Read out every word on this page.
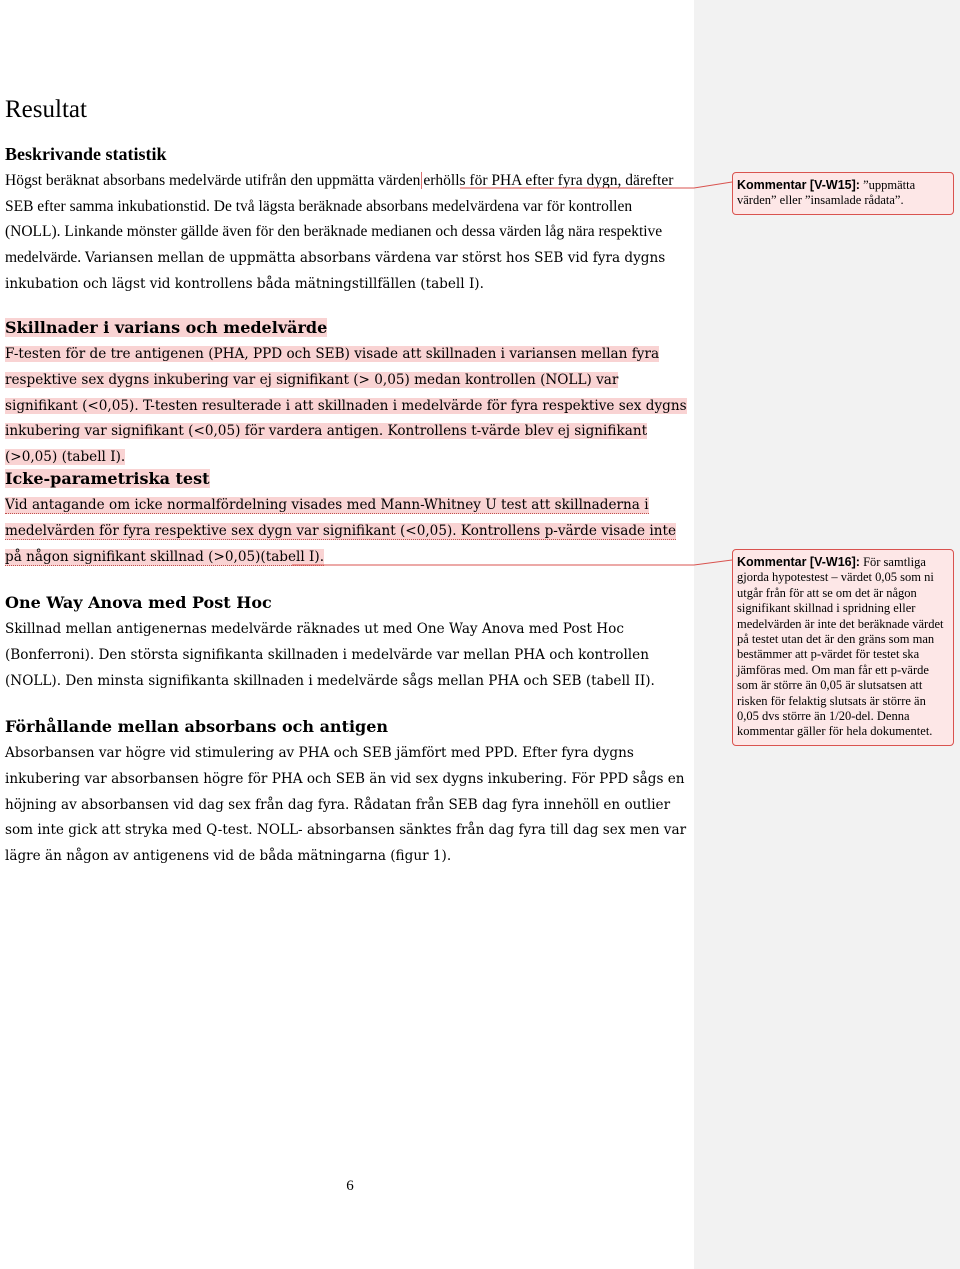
Resultat
Beskrivande statistik

Högst beräknat absorbans medelvärde utifrån den uppmätta värden erhölls för PHA efter fyra dygn, därefter SEB efter samma inkubationstid. De två lägsta beräknade absorbans medelvärdena var för kontrollen (NOLL). Linkande mönster gällde även för den beräknade medianen och dessa värden låg nära respektive medelvärde. Variansen mellan de uppmätta absorbans värdena var störst hos SEB vid fyra dygns inkubation och lägst vid kontrollens båda mätningstillfällen (tabell I).

Skillnader i varians och medelvärde

F-testen för de tre antigenen (PHA, PPD och SEB) visade att skillnaden i variansen mellan fyra respektive sex dygns inkubering var ej signifikant (> 0,05) medan kontrollen (NOLL) var signifikant (<0,05). T-testen resulterade i att skillnaden i medelvärde för fyra respektive sex dygns inkubering var signifikant (<0,05) för vardera antigen. Kontrollens t-värde blev ej signifikant (>0,05) (tabell I).

Icke-parametriska test

Vid antagande om icke normalfördelning visades med Mann-Whitney U test att skillnaderna i medelvärden för fyra respektive sex dygn var signifikant (<0,05). Kontrollens p-värde visade inte på någon signifikant skillnad (>0,05)(tabell I).

One Way Anova med Post Hoc

Skillnad mellan antigenernas medelvärde räknades ut med One Way Anova med Post Hoc (Bonferroni). Den största signifikanta skillnaden i medelvärde var mellan PHA och kontrollen (NOLL). Den minsta signifikanta skillnaden i medelvärde sågs mellan PHA och SEB (tabell II).

Förhållande mellan absorbans och antigen

Absorbansen var högre vid stimulering av PHA och SEB jämfört med PPD. Efter fyra dygns inkubering var absorbansen högre för PHA och SEB än vid sex dygns inkubering. För PPD sågs en höjning av absorbansen vid dag sex från dag fyra. Rådatan från SEB dag fyra innehöll en outlier som inte gick att stryka med Q-test. NOLL- absorbansen sänktes från dag fyra till dag sex men var lägre än någon av antigenens vid de båda mätningarna (figur 1).

Kommentar [V-W15]: ”uppmätta värden” eller ”insamlade rådata”.
Kommentar [V-W16]: För samtliga gjorda hypotestest – värdet 0,05 som ni utgår från för att se om det är någon signifikant skillnad i spridning eller medelvärden är inte det beräknade värdet på testet utan det är den gräns som man bestämmer att p-värdet för testet ska jämföras med. Om man får ett p-värde som är större än 0,05 är slutsatsen att risken för felaktig slutsats är större än 0,05 dvs större än 1/20-del. Denna kommentar gäller för hela dokumentet.
6
